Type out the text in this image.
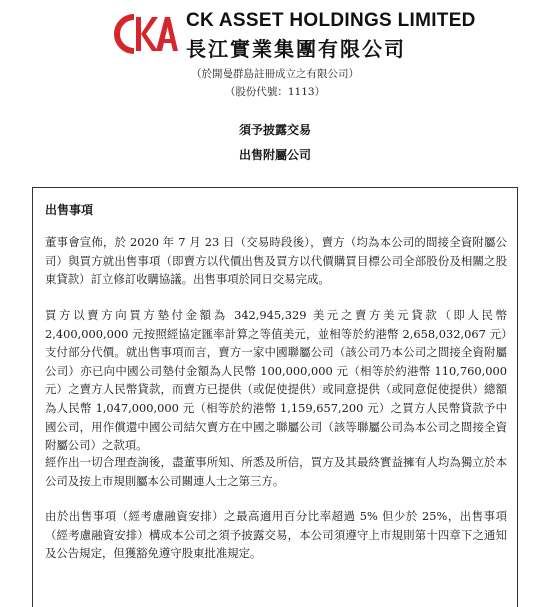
CK ASSET HOLDINGS LIMITED
長江實業集團有限公司
（於開曼群島註冊成立之有限公司）
（股份代號：1113）
須予披露交易
出售附屬公司
出售事項

董事會宣佈，於 2020 年 7 月 23 日（交易時段後），賣方（均為本公司的間接全資附屬公司）與買方就出售事項（即賣方以代價出售及買方以代價購買目標公司全部股份及相關之股東貸款）訂立修訂收購協議。出售事項於同日交易完成。

買方以賣方向買方墊付金額為 342,945,329 美元之賣方美元貸款（即人民幣 2,400,000,000 元按照經協定匯率計算之等值美元，並相等於約港幣 2,658,032,067 元）支付部分代價。就出售事項而言，賣方一家中國聯屬公司（該公司乃本公司之間接全資附屬公司）亦已向中國公司墊付金額為人民幣 100,000,000 元（相等於約港幣 110,760,000 元）之賣方人民幣貸款，而賣方已提供（或促使提供）或同意提供（或同意促使提供）總額為人民幣 1,047,000,000 元（相等於約港幣 1,159,657,200 元）之買方人民幣貸款予中國公司，用作償還中國公司結欠賣方在中國之聯屬公司（該等聯屬公司為本公司之間接全資附屬公司）之款項。

經作出一切合理查詢後，盡董事所知、所悉及所信，買方及其最終實益擁有人均為獨立於本公司及按上市規則屬本公司關連人士之第三方。

由於出售事項（經考慮融資安排）之最高適用百分比率超過 5% 但少於 25%，出售事項（經考慮融資安排）構成本公司之須予披露交易，本公司須遵守上市規則第十四章下之通知及公告規定，但獲豁免遵守股東批准規定。
